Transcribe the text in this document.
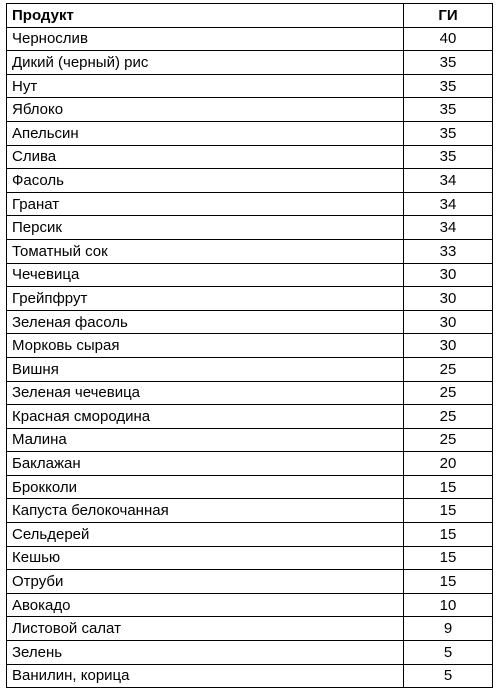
Продукт	ГИ
Чернослив	40
Дикий (черный) рис	35
Нут	35
Яблоко	35
Апельсин	35
Слива	35
Фасоль	34
Гранат	34
Персик	34
Томатный сок	33
Чечевица	30
Грейпфрут	30
Зеленая фасоль	30
Морковь сырая	30
Вишня	25
Зеленая чечевица	25
Красная смородина	25
Малина	25
Баклажан	20
Брокколи	15
Капуста белокочанная	15
Сельдерей	15
Кешью	15
Отруби	15
Авокадо	10
Листовой салат	9
Зелень	5
Ванилин, корица	5
